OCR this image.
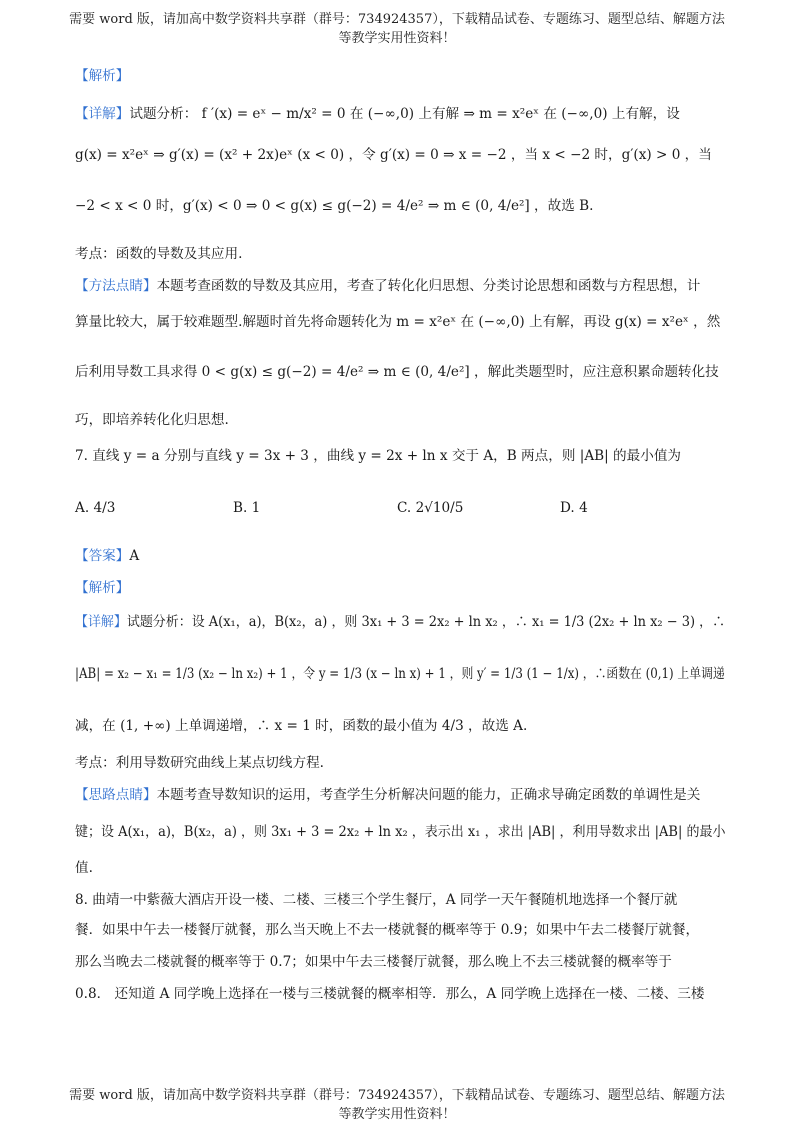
需要 word 版，请加高中数学资料共享群（群号：734924357），下载精品试卷、专题练习、题型总结、解题方法
等教学实用性资料！
【解析】
【详解】试题分析： f ′(x) = eˣ − m/x² = 0 在 (−∞,0) 上有解 ⇒ m = x²eˣ 在 (−∞,0) 上有解，设
g(x) = x²eˣ ⇒ g′(x) = (x² + 2x)eˣ (x < 0) ，令 g′(x) = 0 ⇒ x = −2 ，当 x < −2 时，g′(x) > 0 ，当
−2 < x < 0 时，g′(x) < 0 ⇒ 0 < g(x) ≤ g(−2) = 4/e² ⇒ m ∈ (0, 4/e²] ，故选 B.
考点：函数的导数及其应用.
【方法点睛】本题考查函数的导数及其应用，考查了转化化归思想、分类讨论思想和函数与方程思想，计
算量比较大，属于较难题型.解题时首先将命题转化为 m = x²eˣ 在 (−∞,0) 上有解，再设 g(x) = x²eˣ ，然
后利用导数工具求得 0 < g(x) ≤ g(−2) = 4/e² ⇒ m ∈ (0, 4/e²] ，解此类题型时，应注意积累命题转化技
巧，即培养转化化归思想.
7. 直线 y = a 分别与直线 y = 3x + 3 ，曲线 y = 2x + ln x 交于 A，B 两点，则 |AB| 的最小值为
A. 4/3	B. 1	C. 2√10/5	D. 4
【答案】A
【解析】
【详解】试题分析：设 A(x₁，a)，B(x₂，a) ，则 3x₁ + 3 = 2x₂ + ln x₂ ，∴ x₁ = 1/3 (2x₂ + ln x₂ − 3) ，∴
|AB| = x₂ − x₁ = 1/3 (x₂ − ln x₂) + 1 ，令 y = 1/3 (x − ln x) + 1 ，则 y′ = 1/3 (1 − 1/x) ，∴函数在 (0,1) 上单调递
减，在 (1, +∞) 上单调递增，∴ x = 1 时，函数的最小值为 4/3 ，故选 A.
考点：利用导数研究曲线上某点切线方程.
【思路点睛】本题考查导数知识的运用，考查学生分析解决问题的能力，正确求导确定函数的单调性是关
键；设 A(x₁，a)，B(x₂，a) ，则 3x₁ + 3 = 2x₂ + ln x₂ ，表示出 x₁ ，求出 |AB| ，利用导数求出 |AB| 的最小
值.
8. 曲靖一中紫薇大酒店开设一楼、二楼、三楼三个学生餐厅，A 同学一天午餐随机地选择一个餐厅就
餐．如果中午去一楼餐厅就餐，那么当天晚上不去一楼就餐的概率等于 0.9；如果中午去二楼餐厅就餐，
那么当晚去二楼就餐的概率等于 0.7；如果中午去三楼餐厅就餐，那么晚上不去三楼就餐的概率等于
0.8． 还知道 A 同学晚上选择在一楼与三楼就餐的概率相等．那么，A 同学晚上选择在一楼、二楼、三楼
需要 word 版，请加高中数学资料共享群（群号：734924357），下载精品试卷、专题练习、题型总结、解题方法
等教学实用性资料！
